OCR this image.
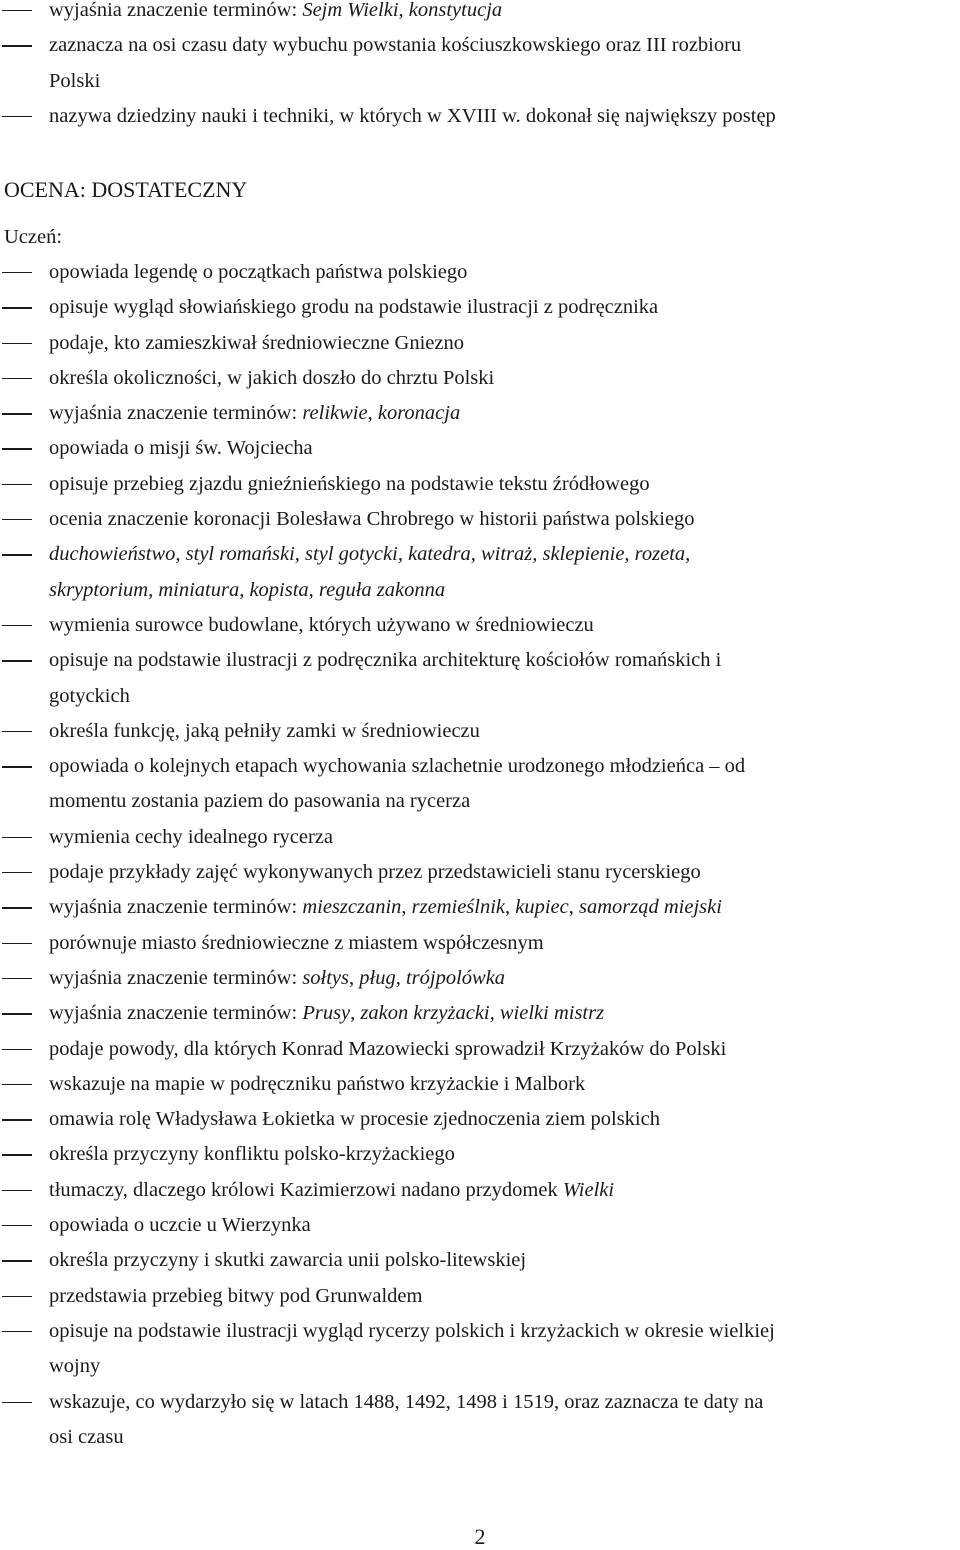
wyjaśnia znaczenie terminów: Sejm Wielki, konstytucja
zaznacza na osi czasu daty wybuchu powstania kościuszkowskiego oraz III rozbioru
Polski
nazywa dziedziny nauki i techniki, w których w XVIII w. dokonał się największy postęp
OCENA: DOSTATECZNY
Uczeń:
opowiada legendę o początkach państwa polskiego
opisuje wygląd słowiańskiego grodu na podstawie ilustracji z podręcznika
podaje, kto zamieszkiwał średniowieczne Gniezno
określa okoliczności, w jakich doszło do chrztu Polski
wyjaśnia znaczenie terminów: relikwie, koronacja
opowiada o misji św. Wojciecha
opisuje przebieg zjazdu gnieźnieńskiego na podstawie tekstu źródłowego
ocenia znaczenie koronacji Bolesława Chrobrego w historii państwa polskiego
duchowieństwo, styl romański, styl gotycki, katedra, witraż, sklepienie, rozeta,
skryptorium, miniatura, kopista, reguła zakonna
wymienia surowce budowlane, których używano w średniowieczu
opisuje na podstawie ilustracji z podręcznika architekturę kościołów romańskich i
gotyckich
określa funkcję, jaką pełniły zamki w średniowieczu
opowiada o kolejnych etapach wychowania szlachetnie urodzonego młodzieńca – od
momentu zostania paziem do pasowania na rycerza
wymienia cechy idealnego rycerza
podaje przykłady zajęć wykonywanych przez przedstawicieli stanu rycerskiego
wyjaśnia znaczenie terminów: mieszczanin, rzemieślnik, kupiec, samorząd miejski
porównuje miasto średniowieczne z miastem współczesnym
wyjaśnia znaczenie terminów: sołtys, pług, trójpolówka
wyjaśnia znaczenie terminów: Prusy, zakon krzyżacki, wielki mistrz
podaje powody, dla których Konrad Mazowiecki sprowadził Krzyżaków do Polski
wskazuje na mapie w podręczniku państwo krzyżackie i Malbork
omawia rolę Władysława Łokietka w procesie zjednoczenia ziem polskich
określa przyczyny konfliktu polsko-krzyżackiego
tłumaczy, dlaczego królowi Kazimierzowi nadano przydomek Wielki
opowiada o uczcie u Wierzynka
określa przyczyny i skutki zawarcia unii polsko-litewskiej
przedstawia przebieg bitwy pod Grunwaldem
opisuje na podstawie ilustracji wygląd rycerzy polskich i krzyżackich w okresie wielkiej
wojny
wskazuje, co wydarzyło się w latach 1488, 1492, 1498 i 1519, oraz zaznacza te daty na
osi czasu
2
